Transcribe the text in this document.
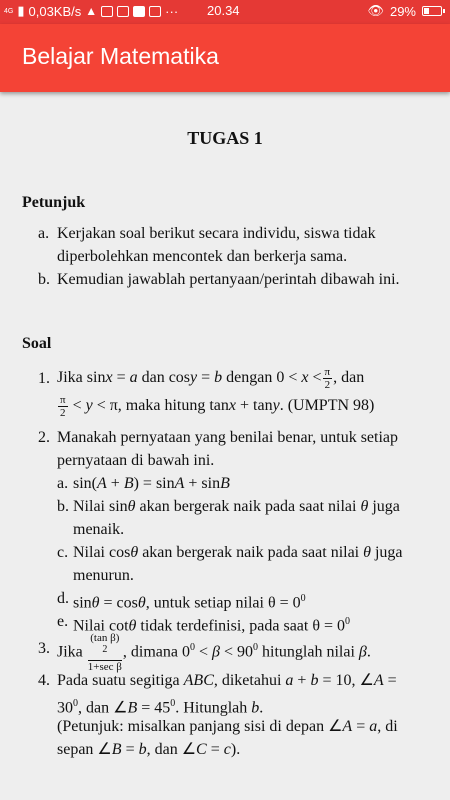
4G ▮ 0,03KB/s ▲	··· 20.34	👁 29%
Belajar Matematika
TUGAS 1
Petunjuk
a. Kerjakan soal berikut secara individu, siswa tidak diperbolehkan mencontek dan berkerja sama.
b. Kemudian jawablah pertanyaan/perintah dibawah ini.
Soal
1. Jika sinx = a dan cosy = b dengan $0 < x < \frac{\pi}{2}$ , dan
$\frac{\pi}{2} < y < \pi$, maka hitung tanx + tany. (UMPTN 98)
2. Manakah pernyataan yang benilai benar, untuk setiap pernyataan di bawah ini.
a. sin(A + B) = sinA + sinB
b. Nilai sinθ akan bergerak naik pada saat nilai θ juga
menaik.
c. Nilai cosθ akan bergerak naik pada saat nilai θ juga
menurun.
d. sinθ = cosθ, untuk setiap nilai $\theta = 0^0$
e. Nilai cotθ tidak terdefinisi, pada saat $\theta = 0^0$
3. Jika (tan β)
$^2$
1+sec β , dimana $0^0 < \beta < 90^0$ hitunglah nilai β.
4. Pada suatu segitiga ABC, diketahui a + b = 10, ∠A =
$30^0$, dan ∠B = $45^0$. Hitunglah b.
(Petunjuk: misalkan panjang sisi di depan ∠A = a, di
sepan ∠B = b, dan ∠C = c).
